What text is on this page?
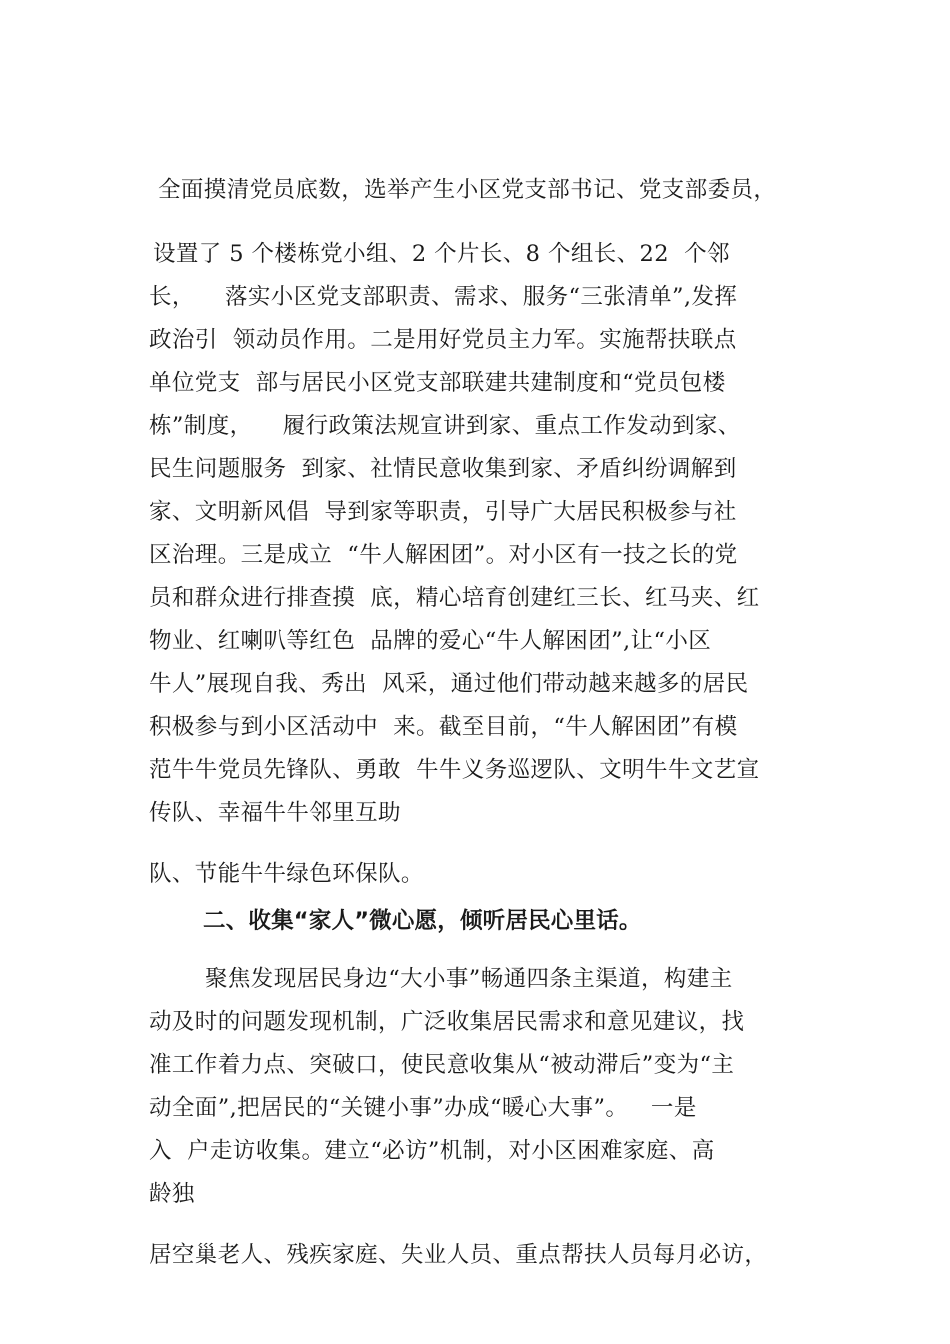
全面摸清党员底数，选举产生小区党支部书记、党支部委员，
设置了 5 个楼栋党小组、2 个片长、8 个组长、22  个邻
长，    落实小区党支部职责、需求、服务“三张清单”,发挥
政治引  领动员作用。二是用好党员主力军。实施帮扶联点
单位党支  部与居民小区党支部联建共建制度和“党员包楼
栋”制度，    履行政策法规宣讲到家、重点工作发动到家、
民生问题服务  到家、社情民意收集到家、矛盾纠纷调解到
家、文明新风倡  导到家等职责，引导广大居民积极参与社
区治理。三是成立  “牛人解困团”。对小区有一技之长的党
员和群众进行排查摸  底，精心培育创建红三长、红马夹、红
物业、红喇叭等红色  品牌的爱心“牛人解困团”,让“小区
牛人”展现自我、秀出  风采，通过他们带动越来越多的居民
积极参与到小区活动中  来。截至目前，“牛人解困团”有模
范牛牛党员先锋队、勇敢  牛牛义务巡逻队、文明牛牛文艺宣
传队、幸福牛牛邻里互助
队、节能牛牛绿色环保队。
二、收集“家人”微心愿，倾听居民心里话。
聚焦发现居民身边“大小事”畅通四条主渠道，构建主
动及时的问题发现机制，广泛收集居民需求和意见建议，找
准工作着力点、突破口，使民意收集从“被动滞后”变为“主
动全面”,把居民的“关键小事”办成“暖心大事”。   一是
入  户走访收集。建立“必访”机制，对小区困难家庭、高
龄独
居空巢老人、残疾家庭、失业人员、重点帮扶人员每月必访，
